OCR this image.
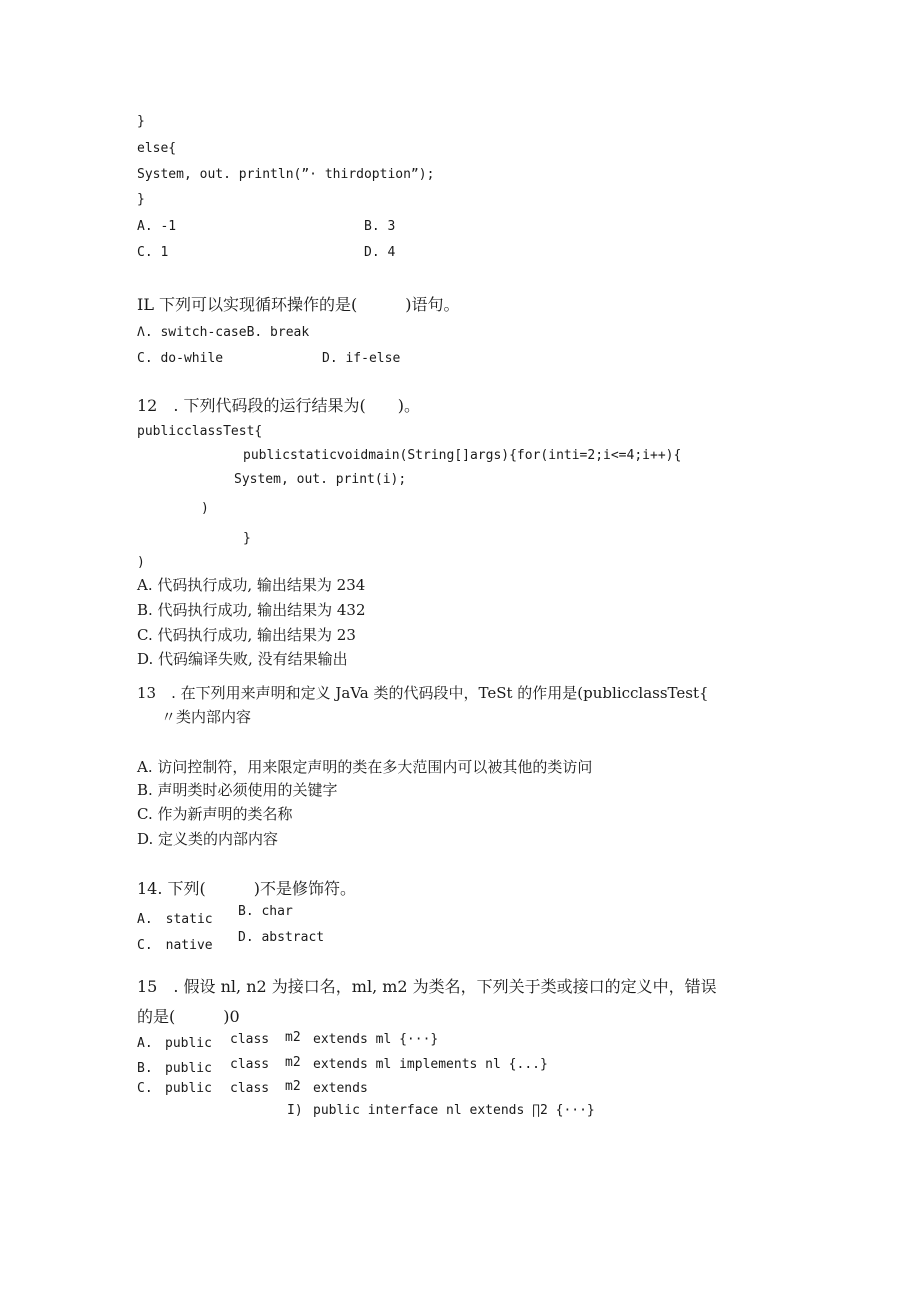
}
else{
System, out. println(”· thirdoption”);
}
A. -1	B. 3
C. 1	D. 4
IL 下列可以实现循环操作的是(　　　)语句。
Λ. switch-caseB. break
C. do-while	D. if-else
12　. 下列代码段的运行结果为(　　)。
publicclassTest{
publicstaticvoidmain(String[]args){for(inti=2;i<=4;i++){
System, out. print(i);
)
}
)
A. 代码执行成功, 输出结果为 234
B. 代码执行成功, 输出结果为 432
C. 代码执行成功, 输出结果为 23
D. 代码编译失败, 没有结果输出
13　. 在下列用来声明和定义 JaVa 类的代码段中，TeSt 的作用是(publicclassTest{
〃类内部内容
A. 访问控制符，用来限定声明的类在多大范围内可以被其他的类访问
B. 声明类时必须使用的关键字
C. 作为新声明的类名称
D. 定义类的内部内容
14. 下列(　　　)不是修饰符。
A.　static
B. char
C.　native
D. abstract
15　. 假设 nl, n2 为接口名，ml, m2 为类名，下列关于类或接口的定义中，错误
的是(　　　)0
A. public class m2 extends ml {···}
B. public class m2 extends ml implements nl {...}
C. public class m2 extends
I) public interface nl extends ∏2 {···}
